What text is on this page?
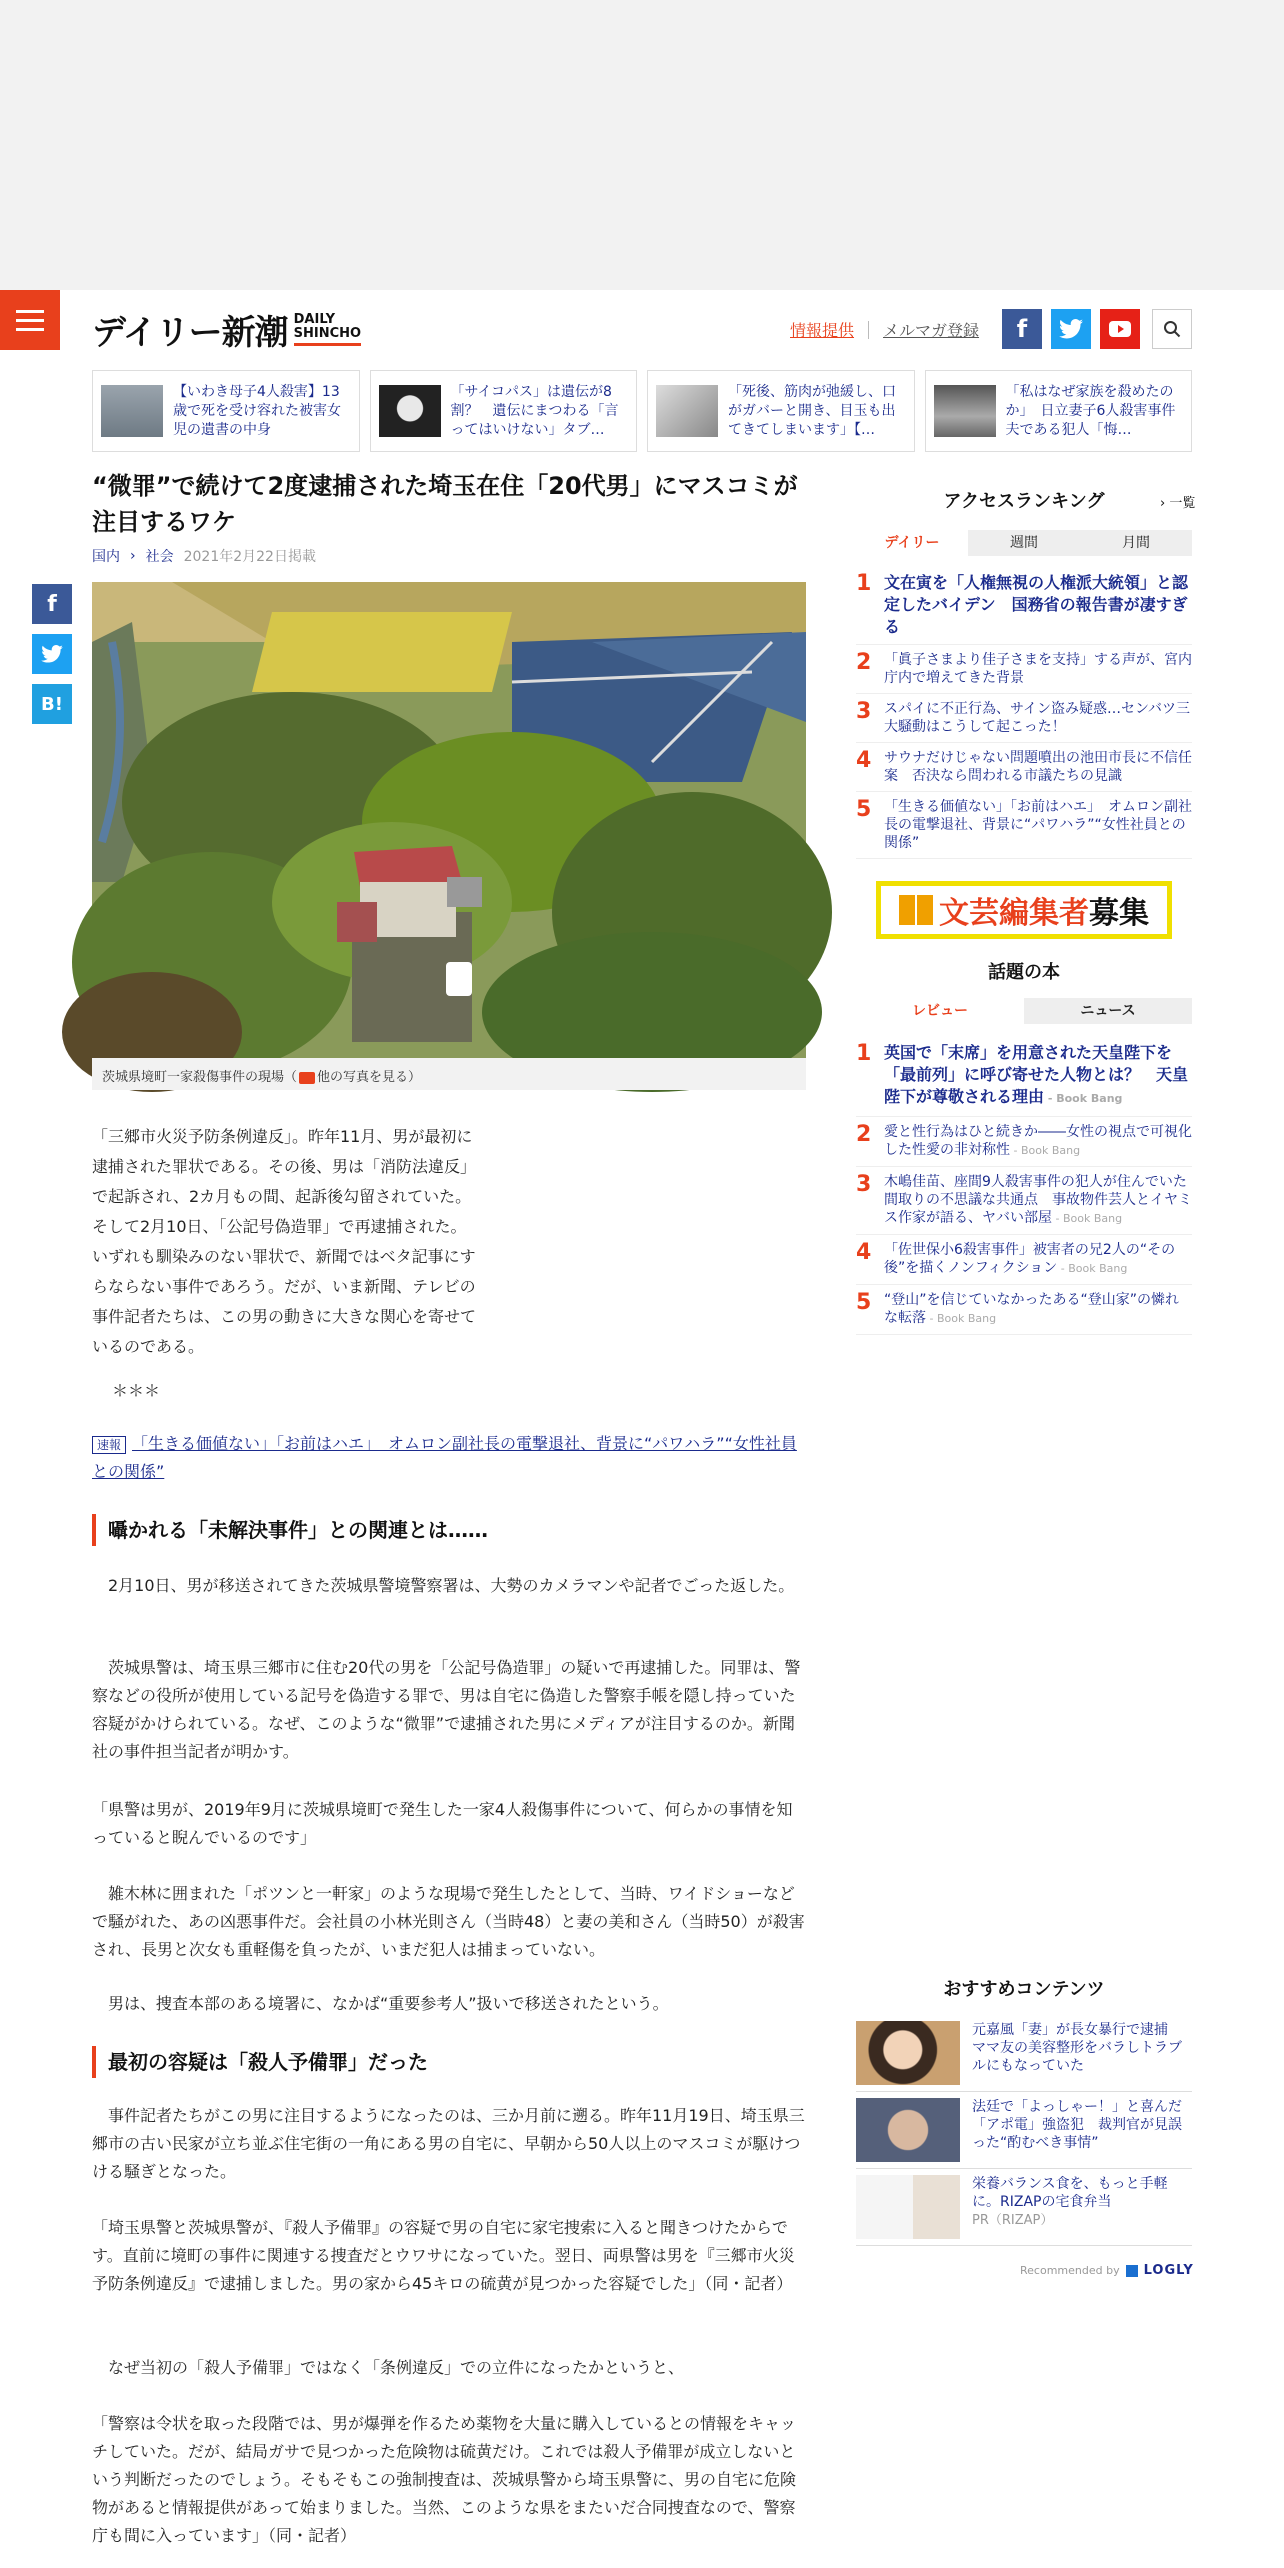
デイリー新潮 DAILY
SHINCHO	情報提供 メルマガ登録	f
【いわき母子4人殺害】13歳で死を受け容れた被害女児の遺書の中身
「サイコパス」は遺伝が8割？　遺伝にまつわる「言ってはいけない」タブ…
「死後、筋肉が弛緩し、口がガバーと開き、目玉も出てきてしまいます」【…
「私はなぜ家族を殺めたのか」　日立妻子6人殺害事件　夫である犯人「悔…
f
B!
“微罪”で続けて2度逮捕された埼玉在住「20代男」にマスコミが注目するワケ
国内 › 社会 2021年2月22日掲載
茨城県境町一家殺傷事件の現場（ 他の写真を見る）

「三郷市火災予防条例違反」。昨年11月、男が最初に逮捕された罪状である。その後、男は「消防法違反」で起訴され、2カ月もの間、起訴後勾留されていた。そして2月10日、「公記号偽造罪」で再逮捕された。いずれも馴染みのない罪状で、新聞ではベタ記事にすらならない事件であろう。だが、いま新聞、テレビの事件記者たちは、この男の動きに大きな関心を寄せているのである。

＊＊＊
速報 「生きる価値ない」「お前はハエ」　オムロン副社長の電撃退社、背景に“パワハラ”“女性社員との関係”
囁かれる「未解決事件」との関連とは……

　2月10日、男が移送されてきた茨城県警境警察署は、大勢のカメラマンや記者でごった返した。

　茨城県警は、埼玉県三郷市に住む20代の男を「公記号偽造罪」の疑いで再逮捕した。同罪は、警察などの役所が使用している記号を偽造する罪で、男は自宅に偽造した警察手帳を隠し持っていた容疑がかけられている。なぜ、このような“微罪”で逮捕された男にメディアが注目するのか。新聞社の事件担当記者が明かす。

「県警は男が、2019年9月に茨城県境町で発生した一家4人殺傷事件について、何らかの事情を知っていると睨んでいるのです」

　雑木林に囲まれた「ポツンと一軒家」のような現場で発生したとして、当時、ワイドショーなどで騒がれた、あの凶悪事件だ。会社員の小林光則さん（当時48）と妻の美和さん（当時50）が殺害され、長男と次女も重軽傷を負ったが、いまだ犯人は捕まっていない。

　男は、捜査本部のある境署に、なかば“重要参考人”扱いで移送されたという。

最初の容疑は「殺人予備罪」だった

　事件記者たちがこの男に注目するようになったのは、三か月前に遡る。昨年11月19日、埼玉県三郷市の古い民家が立ち並ぶ住宅街の一角にある男の自宅に、早朝から50人以上のマスコミが駆けつける騒ぎとなった。

「埼玉県警と茨城県警が、『殺人予備罪』の容疑で男の自宅に家宅捜索に入ると聞きつけたからです。直前に境町の事件に関連する捜査だとウワサになっていた。翌日、両県警は男を『三郷市火災予防条例違反』で逮捕しました。男の家から45キロの硫黄が見つかった容疑でした」（同・記者）

　なぜ当初の「殺人予備罪」ではなく「条例違反」での立件になったかというと、

「警察は令状を取った段階では、男が爆弾を作るため薬物を大量に購入しているとの情報をキャッチしていた。だが、結局ガサで見つかった危険物は硫黄だけ。これでは殺人予備罪が成立しないという判断だったのでしょう。そもそもこの強制捜査は、茨城県警から埼玉県警に、男の自宅に危険物があると情報提供があって始まりました。当然、このような県をまたいだ合同捜査なので、警察庁も間に入っています」（同・記者）

アクセスランキング	› 一覧
デイリー	週間	月間
1 文在寅を「人権無視の人権派大統領」と認定したバイデン　国務省の報告書が凄すぎる
2 「眞子さまより佳子さまを支持」する声が、宮内庁内で増えてきた背景
3 スパイに不正行為、サイン盗み疑惑…センバツ三大騒動はこうして起こった！
4 サウナだけじゃない問題噴出の池田市長に不信任案　否決なら問われる市議たちの見識
5 「生きる価値ない」「お前はハエ」　オムロン副社長の電撃退社、背景に“パワハラ”“女性社員との関係”
文芸編集者 募集
話題の本
レビュー	ニュース
1 英国で「末席」を用意された天皇陛下を「最前列」に呼び寄せた人物とは？　天皇陛下が尊敬される理由 - Book Bang
2 愛と性行為はひと続きか――女性の視点で可視化した性愛の非対称性 - Book Bang
3 木嶋佳苗、座間9人殺害事件の犯人が住んでいた間取りの不思議な共通点　事故物件芸人とイヤミス作家が語る、ヤバい部屋 - Book Bang
4 「佐世保小6殺害事件」被害者の兄2人の“その後”を描くノンフィクション - Book Bang
5 “登山”を信じていなかったある“登山家”の憐れな転落 - Book Bang
おすすめコンテンツ
元嘉風「妻」が長女暴行で逮捕　ママ友の美容整形をバラしトラブルにもなっていた
法廷で「よっしゃー！」と喜んだ「アポ電」強盗犯　裁判官が見誤った“酌むべき事情”
栄養バランス食を、もっと手軽に。RIZAPの宅食弁当
PR（RIZAP）
Recommended by LOGLY
